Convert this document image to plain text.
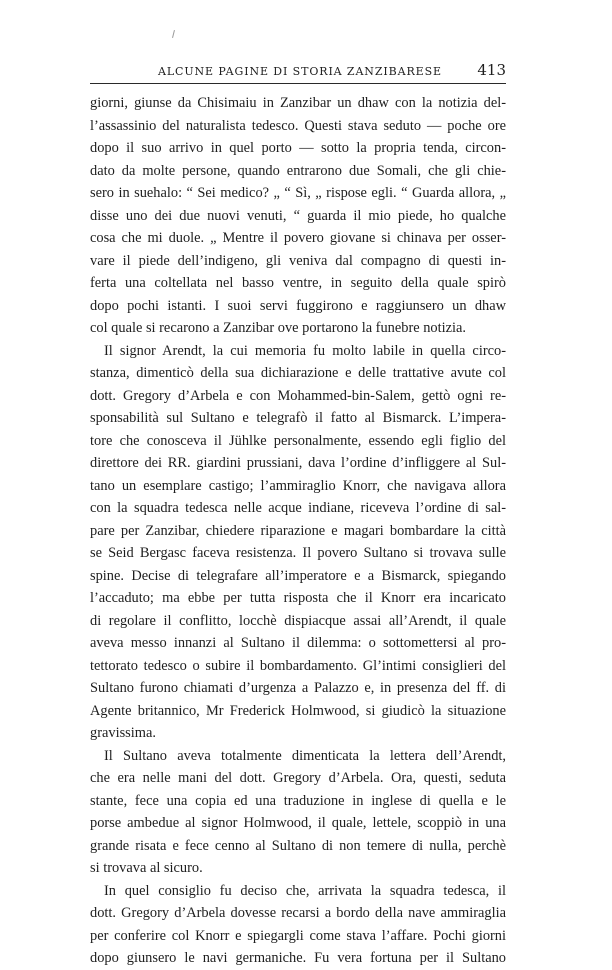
ALCUNE PAGINE DI STORIA ZANZIBARESE 413
giorni, giunse da Chisimaiu in Zanzibar un dhaw con la notizia del-
l’assassinio del naturalista tedesco. Questi stava seduto — poche ore
dopo il suo arrivo in quel porto — sotto la propria tenda, circon-
dato da molte persone, quando entrarono due Somali, che gli chie-
sero in suehalo: “ Sei medico? „ “ Sì, „ rispose egli. “ Guarda allora, „
disse uno dei due nuovi venuti, “ guarda il mio piede, ho qualche
cosa che mi duole. „ Mentre il povero giovane si chinava per osser-
vare il piede dell’indigeno, gli veniva dal compagno di questi in-
ferta una coltellata nel basso ventre, in seguito della quale spirò
dopo pochi istanti. I suoi servi fuggirono e raggiunsero un dhaw
col quale si recarono a Zanzibar ove portarono la funebre notizia.
Il signor Arendt, la cui memoria fu molto labile in quella circo-
stanza, dimenticò della sua dichiarazione e delle trattative avute col
dott. Gregory d’Arbela e con Mohammed-bin-Salem, gettò ogni re-
sponsabilità sul Sultano e telegrafò il fatto al Bismarck. L’impera-
tore che conosceva il Jühlke personalmente, essendo egli figlio del
direttore dei RR. giardini prussiani, dava l’ordine d’infliggere al Sul-
tano un esemplare castigo; l’ammiraglio Knorr, che navigava allora
con la squadra tedesca nelle acque indiane, riceveva l’ordine di sal-
pare per Zanzibar, chiedere riparazione e magari bombardare la città
se Seid Bergasc faceva resistenza. Il povero Sultano si trovava sulle
spine. Decise di telegrafare all’imperatore e a Bismarck, spiegando
l’accaduto; ma ebbe per tutta risposta che il Knorr era incaricato
di regolare il conflitto, locchè dispiacque assai all’Arendt, il quale
aveva messo innanzi al Sultano il dilemma: o sottomettersi al pro-
tettorato tedesco o subire il bombardamento. Gl’intimi consiglieri del
Sultano furono chiamati d’urgenza a Palazzo e, in presenza del ff. di
Agente britannico, Mr Frederick Holmwood, si giudicò la situazione
gravissima.
Il Sultano aveva totalmente dimenticata la lettera dell’Arendt,
che era nelle mani del dott. Gregory d’Arbela. Ora, questi, seduta
stante, fece una copia ed una traduzione in inglese di quella e le
porse ambedue al signor Holmwood, il quale, lettele, scoppiò in una
grande risata e fece cenno al Sultano di non temere di nulla, perchè
si trovava al sicuro.
In quel consiglio fu deciso che, arrivata la squadra tedesca, il
dott. Gregory d’Arbela dovesse recarsi a bordo della nave ammiraglia
per conferire col Knorr e spiegargli come stava l’affare. Pochi giorni
dopo giunsero le navi germaniche. Fu vera fortuna per il Sultano
